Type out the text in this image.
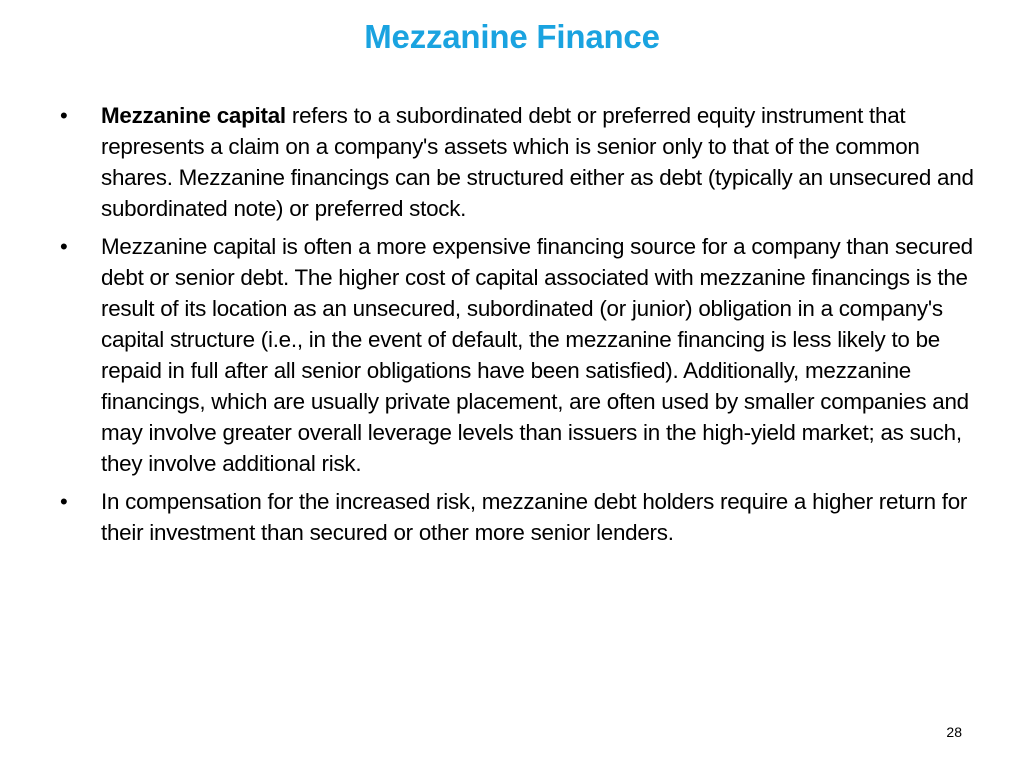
Mezzanine Finance
•	Mezzanine capital refers to a subordinated debt or preferred equity instrument that represents a claim on a company's assets which is senior only to that of the common shares. Mezzanine financings can be structured either as debt (typically an unsecured and subordinated note) or preferred stock.
•	Mezzanine capital is often a more expensive financing source for a company than secured debt or senior debt. The higher cost of capital associated with mezzanine financings is the result of its location as an unsecured, subordinated (or junior) obligation in a company's capital structure (i.e., in the event of default, the mezzanine financing is less likely to be repaid in full after all senior obligations have been satisfied). Additionally, mezzanine financings, which are usually private placement, are often used by smaller companies and may involve greater overall leverage levels than issuers in the high-yield market; as such, they involve additional risk.
•	In compensation for the increased risk, mezzanine debt holders require a higher return for their investment than secured or other more senior lenders.
28
